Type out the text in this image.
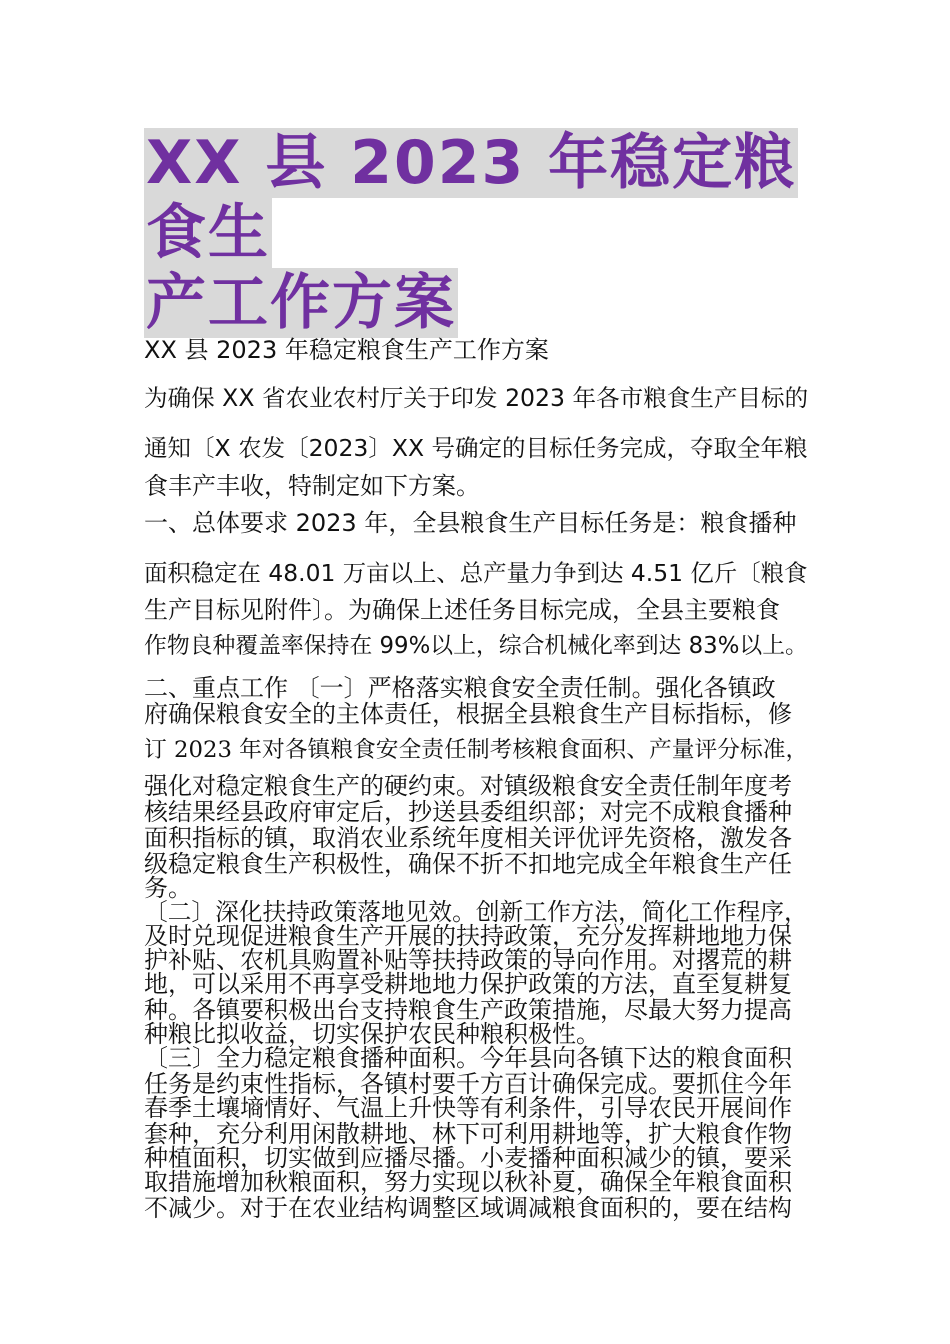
XX 县 2023 年稳定粮食生
产工作方案
XX 县 2023 年稳定粮食生产工作方案
为确保 XX 省农业农村厅关于印发 2023 年各市粮食生产目标的
通知〔X 农发〔2023〕XX 号确定的目标任务完成，夺取全年粮
食丰产丰收，特制定如下方案。
一、总体要求 2023 年，全县粮食生产目标任务是：粮食播种
面积稳定在 48.01 万亩以上、总产量力争到达 4.51 亿斤〔粮食
生产目标见附件〕。为确保上述任务目标完成，全县主要粮食
作物良种覆盖率保持在 99%以上，综合机械化率到达 83%以上。
二、重点工作 〔一〕严格落实粮食安全责任制。强化各镇政
府确保粮食安全的主体责任，根据全县粮食生产目标指标，修
订 2023 年对各镇粮食安全责任制考核粮食面积、产量评分标准，
强化对稳定粮食生产的硬约束。对镇级粮食安全责任制年度考
核结果经县政府审定后，抄送县委组织部；对完不成粮食播种
面积指标的镇，取消农业系统年度相关评优评先资格，激发各
级稳定粮食生产积极性，确保不折不扣地完成全年粮食生产任
务。
〔二〕深化扶持政策落地见效。创新工作方法，简化工作程序，
及时兑现促进粮食生产开展的扶持政策，充分发挥耕地地力保
护补贴、农机具购置补贴等扶持政策的导向作用。对撂荒的耕
地，可以采用不再享受耕地地力保护政策的方法，直至复耕复
种。各镇要积极出台支持粮食生产政策措施，尽最大努力提高
种粮比拟收益，切实保护农民种粮积极性。
〔三〕全力稳定粮食播种面积。今年县向各镇下达的粮食面积
任务是约束性指标，各镇村要千方百计确保完成。要抓住今年
春季土壤墒情好、气温上升快等有利条件，引导农民开展间作
套种，充分利用闲散耕地、林下可利用耕地等，扩大粮食作物
种植面积，切实做到应播尽播。小麦播种面积减少的镇，要采
取措施增加秋粮面积，努力实现以秋补夏，确保全年粮食面积
不减少。对于在农业结构调整区域调减粮食面积的，要在结构
